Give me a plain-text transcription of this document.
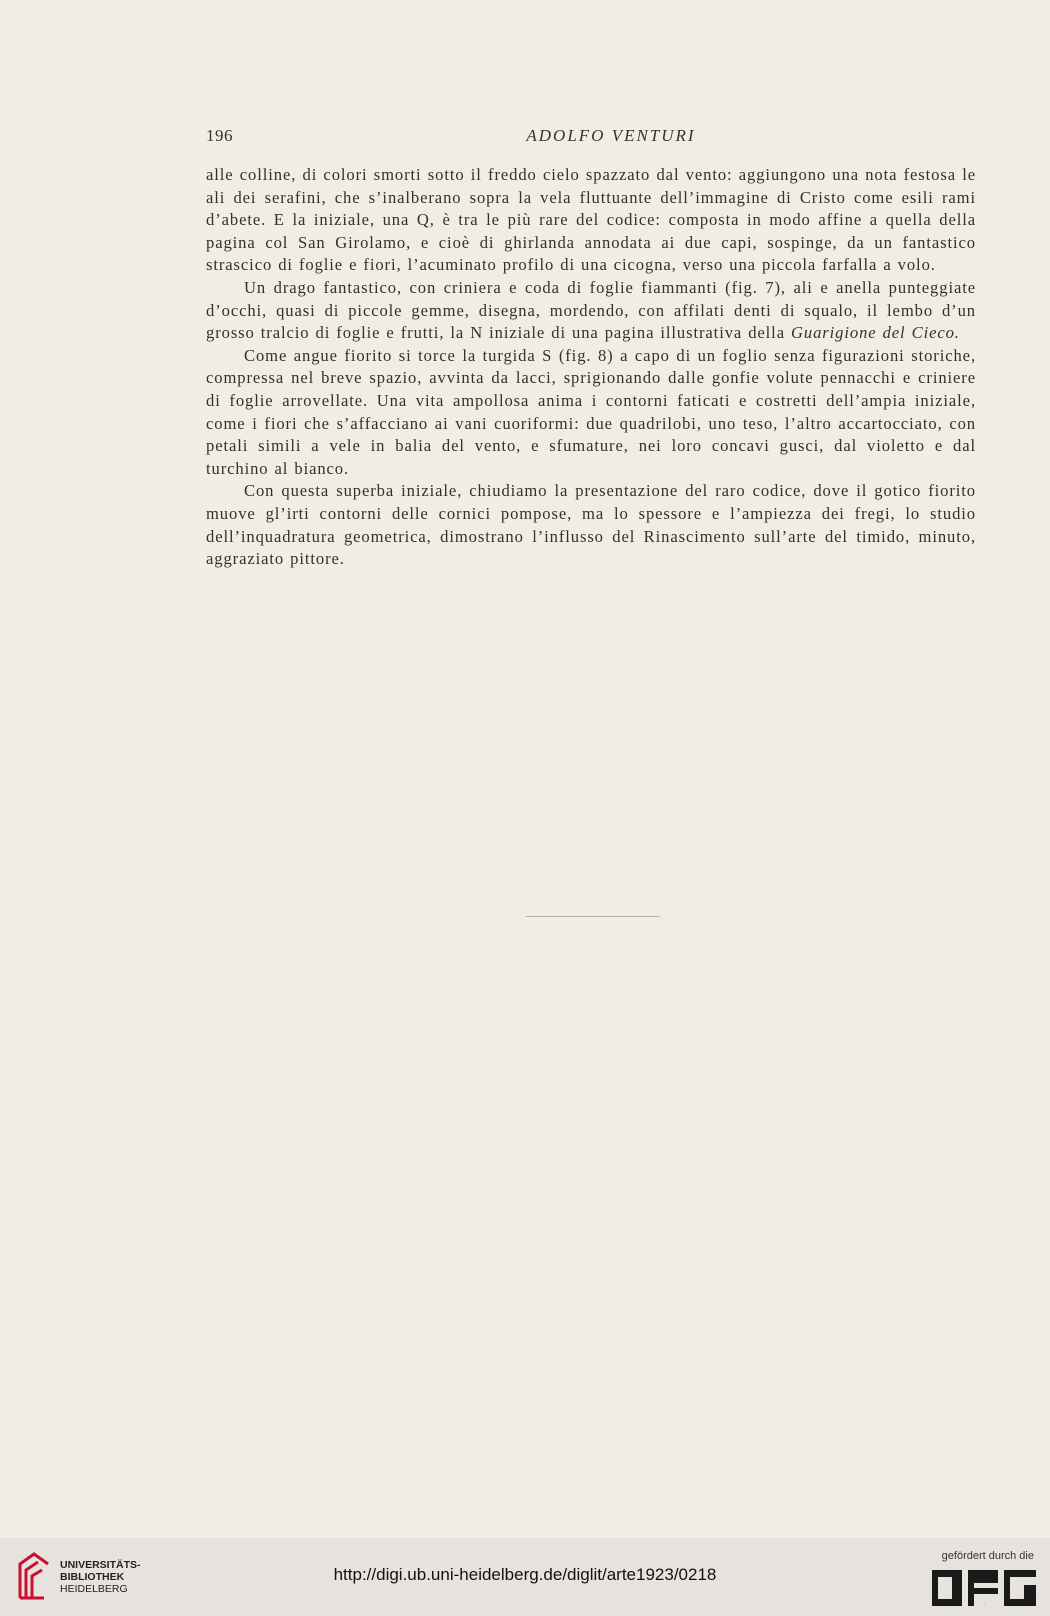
196	ADOLFO VENTURI

alle colline, di colori smorti sotto il freddo cielo spazzato dal vento: aggiungono una nota festosa le ali dei serafini, che s’inalberano sopra la vela fluttuante dell’immagine di Cristo come esili rami d’abete. E la iniziale, una Q, è tra le più rare del codice: composta in modo affine a quella della pagina col San Girolamo, e cioè di ghirlanda annodata ai due capi, sospinge, da un fantastico strascico di foglie e fiori, l’acuminato profilo di una cicogna, verso una piccola farfalla a volo.

Un drago fantastico, con criniera e coda di foglie fiammanti (fig. 7), ali e anella punteggiate d’occhi, quasi di piccole gemme, disegna, mordendo, con affilati denti di squalo, il lembo d’un grosso tralcio di foglie e frutti, la N iniziale di una pagina illustrativa della Guarigione del Cieco.

Come angue fiorito si torce la turgida S (fig. 8) a capo di un foglio senza figurazioni storiche, compressa nel breve spazio, avvinta da lacci, sprigionando dalle gonfie volute pennacchi e criniere di foglie arrovellate. Una vita ampollosa anima i contorni faticati e costretti dell’ampia iniziale, come i fiori che s’affacciano ai vani cuoriformi: due quadrilobi, uno teso, l’altro accartocciato, con petali simili a vele in balia del vento, e sfumature, nei loro concavi gusci, dal violetto e dal turchino al bianco.

Con questa superba iniziale, chiudiamo la presentazione del raro codice, dove il gotico fiorito muove gl’irti contorni delle cornici pompose, ma lo spessore e l’ampiezza dei fregi, lo studio dell’inquadratura geometrica, dimostrano l’influsso del Rinascimento sull’arte del timido, minuto, aggraziato pittore.

UNIVERSITÄTS-
BIBLIOTHEK
HEIDELBERG
http://digi.ub.uni-heidelberg.de/diglit/arte1923/0218
gefördert durch die
DFG
